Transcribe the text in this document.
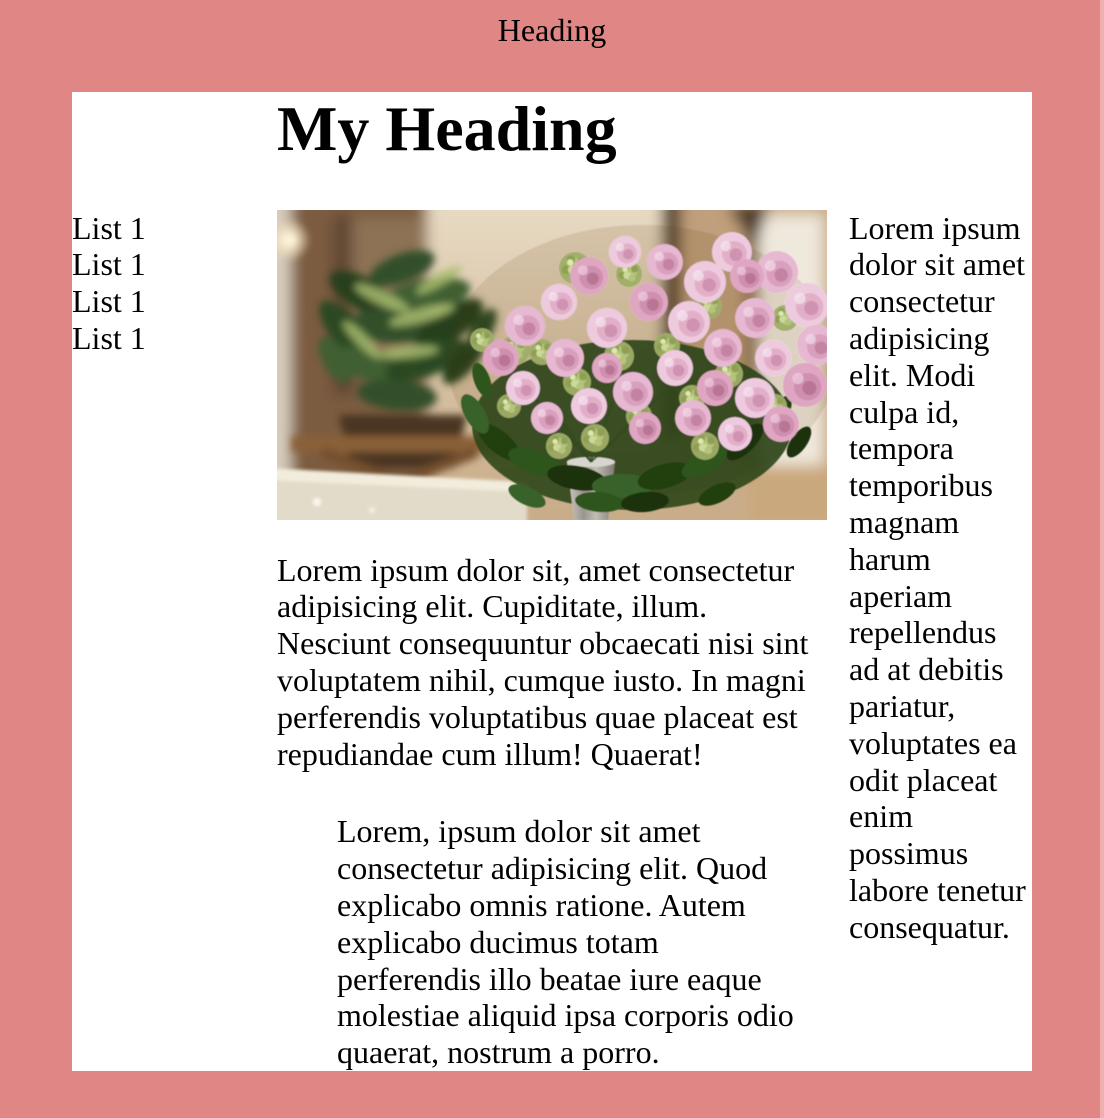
Heading
My Heading
List 1
List 1
List 1
List 1

Lorem ipsum dolor sit, amet consectetur adipisicing elit. Cupiditate, illum. Nesciunt consequuntur obcaecati nisi sint voluptatem nihil, cumque iusto. In magni perferendis voluptatibus quae placeat est repudiandae cum illum! Quaerat!

Lorem, ipsum dolor sit amet consectetur adipisicing elit. Quod explicabo omnis ratione. Autem explicabo ducimus totam perferendis illo beatae iure eaque molestiae aliquid ipsa corporis odio quaerat, nostrum a porro.

Lorem ipsum dolor sit amet consectetur adipisicing elit. Modi culpa id, tempora temporibus magnam harum aperiam repellendus ad at debitis pariatur, voluptates ea odit placeat enim possimus labore tenetur consequatur.
